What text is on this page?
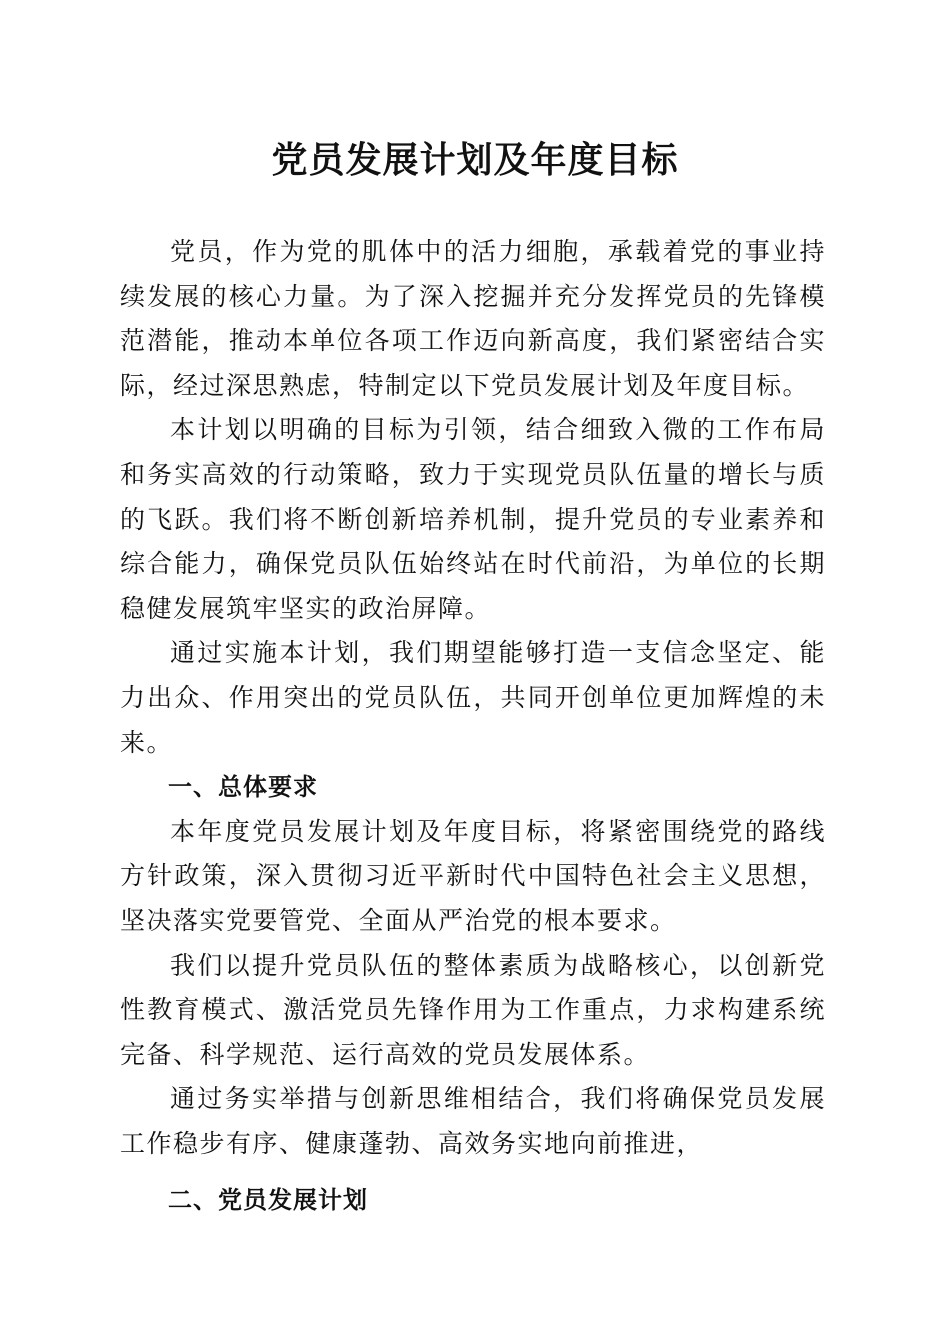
党员发展计划及年度目标

党员，作为党的肌体中的活力细胞，承载着党的事业持续发展的核心力量。为了深入挖掘并充分发挥党员的先锋模范潜能，推动本单位各项工作迈向新高度，我们紧密结合实际，经过深思熟虑，特制定以下党员发展计划及年度目标。

本计划以明确的目标为引领，结合细致入微的工作布局和务实高效的行动策略，致力于实现党员队伍量的增长与质的飞跃。我们将不断创新培养机制，提升党员的专业素养和综合能力，确保党员队伍始终站在时代前沿，为单位的长期稳健发展筑牢坚实的政治屏障。

通过实施本计划，我们期望能够打造一支信念坚定、能力出众、作用突出的党员队伍，共同开创单位更加辉煌的未来。

一、总体要求

本年度党员发展计划及年度目标，将紧密围绕党的路线方针政策，深入贯彻习近平新时代中国特色社会主义思想，坚决落实党要管党、全面从严治党的根本要求。

我们以提升党员队伍的整体素质为战略核心，以创新党性教育模式、激活党员先锋作用为工作重点，力求构建系统完备、科学规范、运行高效的党员发展体系。

通过务实举措与创新思维相结合，我们将确保党员发展工作稳步有序、健康蓬勃、高效务实地向前推进，

二、党员发展计划
